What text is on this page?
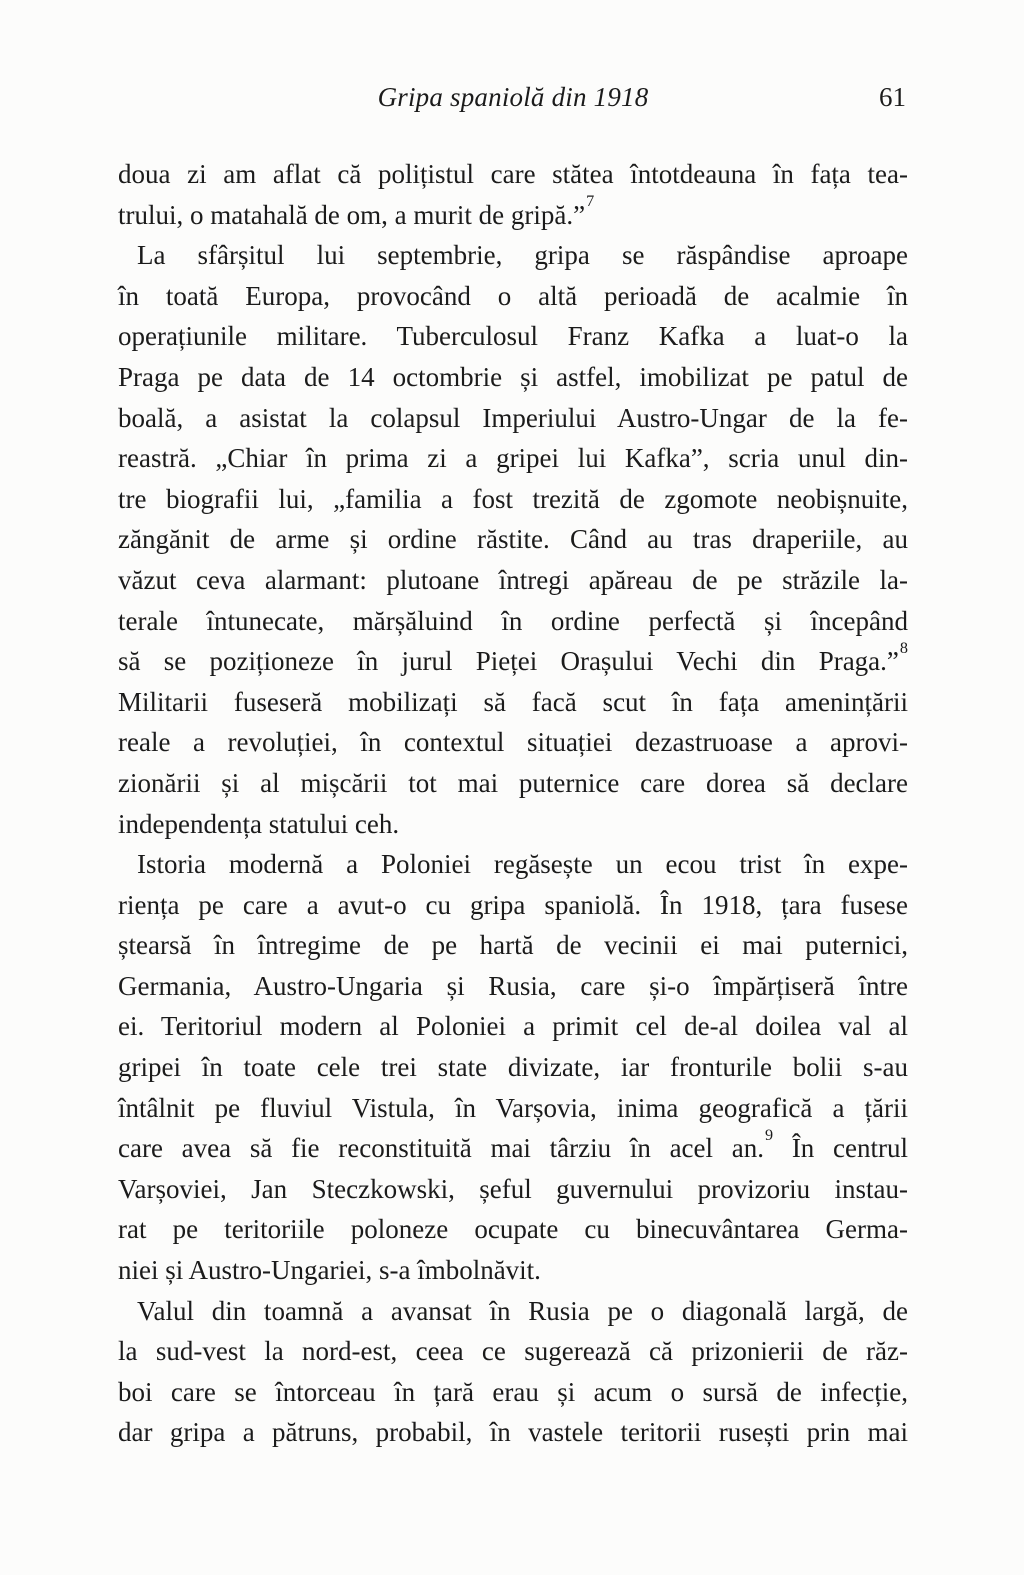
Gripa spaniolă din 1918	61
doua zi am aflat că polițistul care stătea întotdeauna în fața tea-
trului, o matahală de om, a murit de gripă.”$^7$
La sfârșitul lui septembrie, gripa se răspândise aproape
în toată Europa, provocând o altă perioadă de acalmie în
operațiunile militare. Tuberculosul Franz Kafka a luat-o la
Praga pe data de 14 octombrie și astfel, imobilizat pe patul de
boală, a asistat la colapsul Imperiului Austro-Ungar de la fe-
reastră. „Chiar în prima zi a gripei lui Kafka”, scria unul din-
tre biografii lui, „familia a fost trezită de zgomote neobișnuite,
zăngănit de arme și ordine răstite. Când au tras draperiile, au
văzut ceva alarmant: plutoane întregi apăreau de pe străzile la-
terale întunecate, mărșăluind în ordine perfectă și începând
să se poziționeze în jurul Pieței Orașului Vechi din Praga.”$^8$
Militarii fuseseră mobilizați să facă scut în fața amenințării
reale a revoluției, în contextul situației dezastruoase a aprovi-
zionării și al mișcării tot mai puternice care dorea să declare
independența statului ceh.
Istoria modernă a Poloniei regăsește un ecou trist în expe-
riența pe care a avut-o cu gripa spaniolă. În 1918, țara fusese
ștearsă în întregime de pe hartă de vecinii ei mai puternici,
Germania, Austro-Ungaria și Rusia, care și-o împărțiseră între
ei. Teritoriul modern al Poloniei a primit cel de-al doilea val al
gripei în toate cele trei state divizate, iar fronturile bolii s-au
întâlnit pe fluviul Vistula, în Varșovia, inima geografică a țării
care avea să fie reconstituită mai târziu în acel an.$^9$ În centrul
Varșoviei, Jan Steczkowski, șeful guvernului provizoriu instau-
rat pe teritoriile poloneze ocupate cu binecuvântarea Germa-
niei și Austro-Ungariei, s-a îmbolnăvit.
Valul din toamnă a avansat în Rusia pe o diagonală largă, de
la sud-vest la nord-est, ceea ce sugerează că prizonierii de răz-
boi care se întorceau în țară erau și acum o sursă de infecție,
dar gripa a pătruns, probabil, în vastele teritorii rusești prin mai
